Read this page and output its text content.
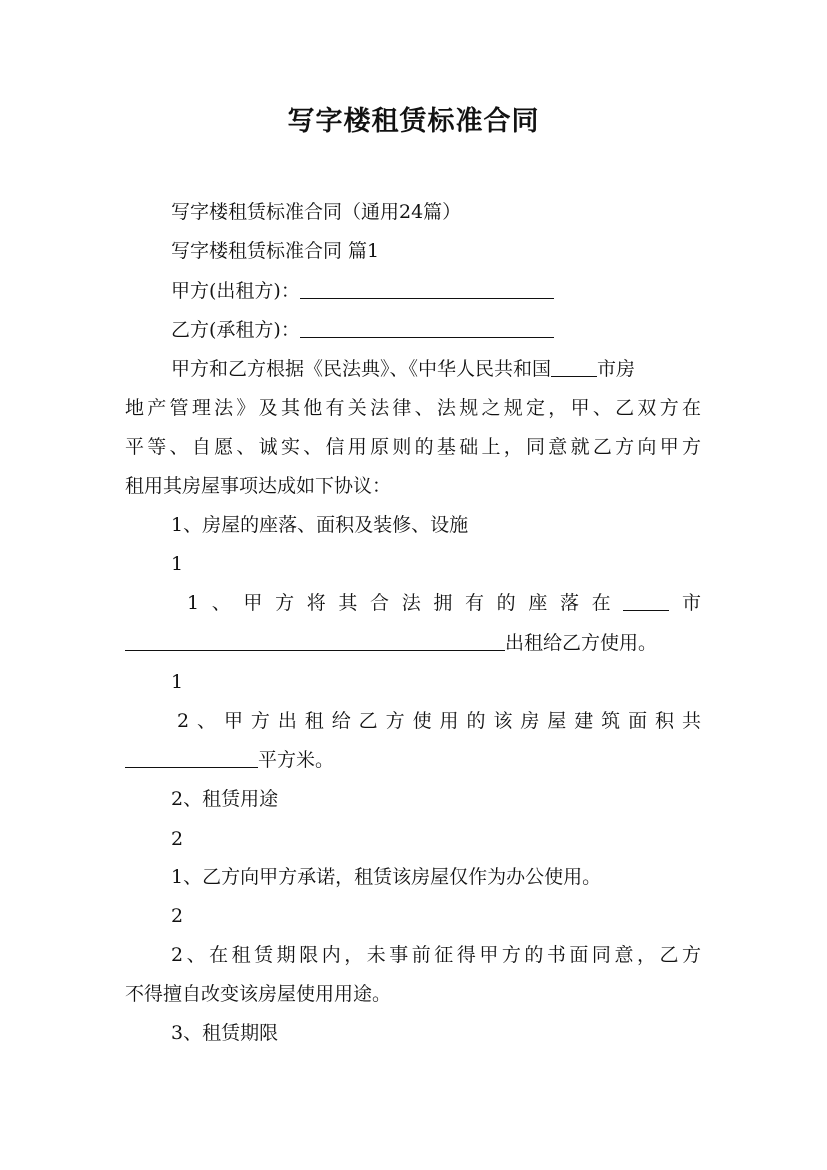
写字楼租赁标准合同
写字楼租赁标准合同（通用24篇）
写字楼租赁标准合同 篇1
甲方(出租方)：
乙方(承租方)：
甲方和乙方根据《民法典》、《中华人民共和国 市房
地产管理法》及其他有关法律、法规之规定，甲、乙双方在
平等、自愿、诚实、信用原则的基础上，同意就乙方向甲方
租用其房屋事项达成如下协议：
1、房屋的座落、面积及装修、设施
1
1、甲方将其合法拥有的座落在 市
出租给乙方使用。
1
2、甲方出租给乙方使用的该房屋建筑面积共
平方米。
2、租赁用途
2
1、乙方向甲方承诺，租赁该房屋仅作为办公使用。
2
2、在租赁期限内，未事前征得甲方的书面同意，乙方
不得擅自改变该房屋使用用途。
3、租赁期限
